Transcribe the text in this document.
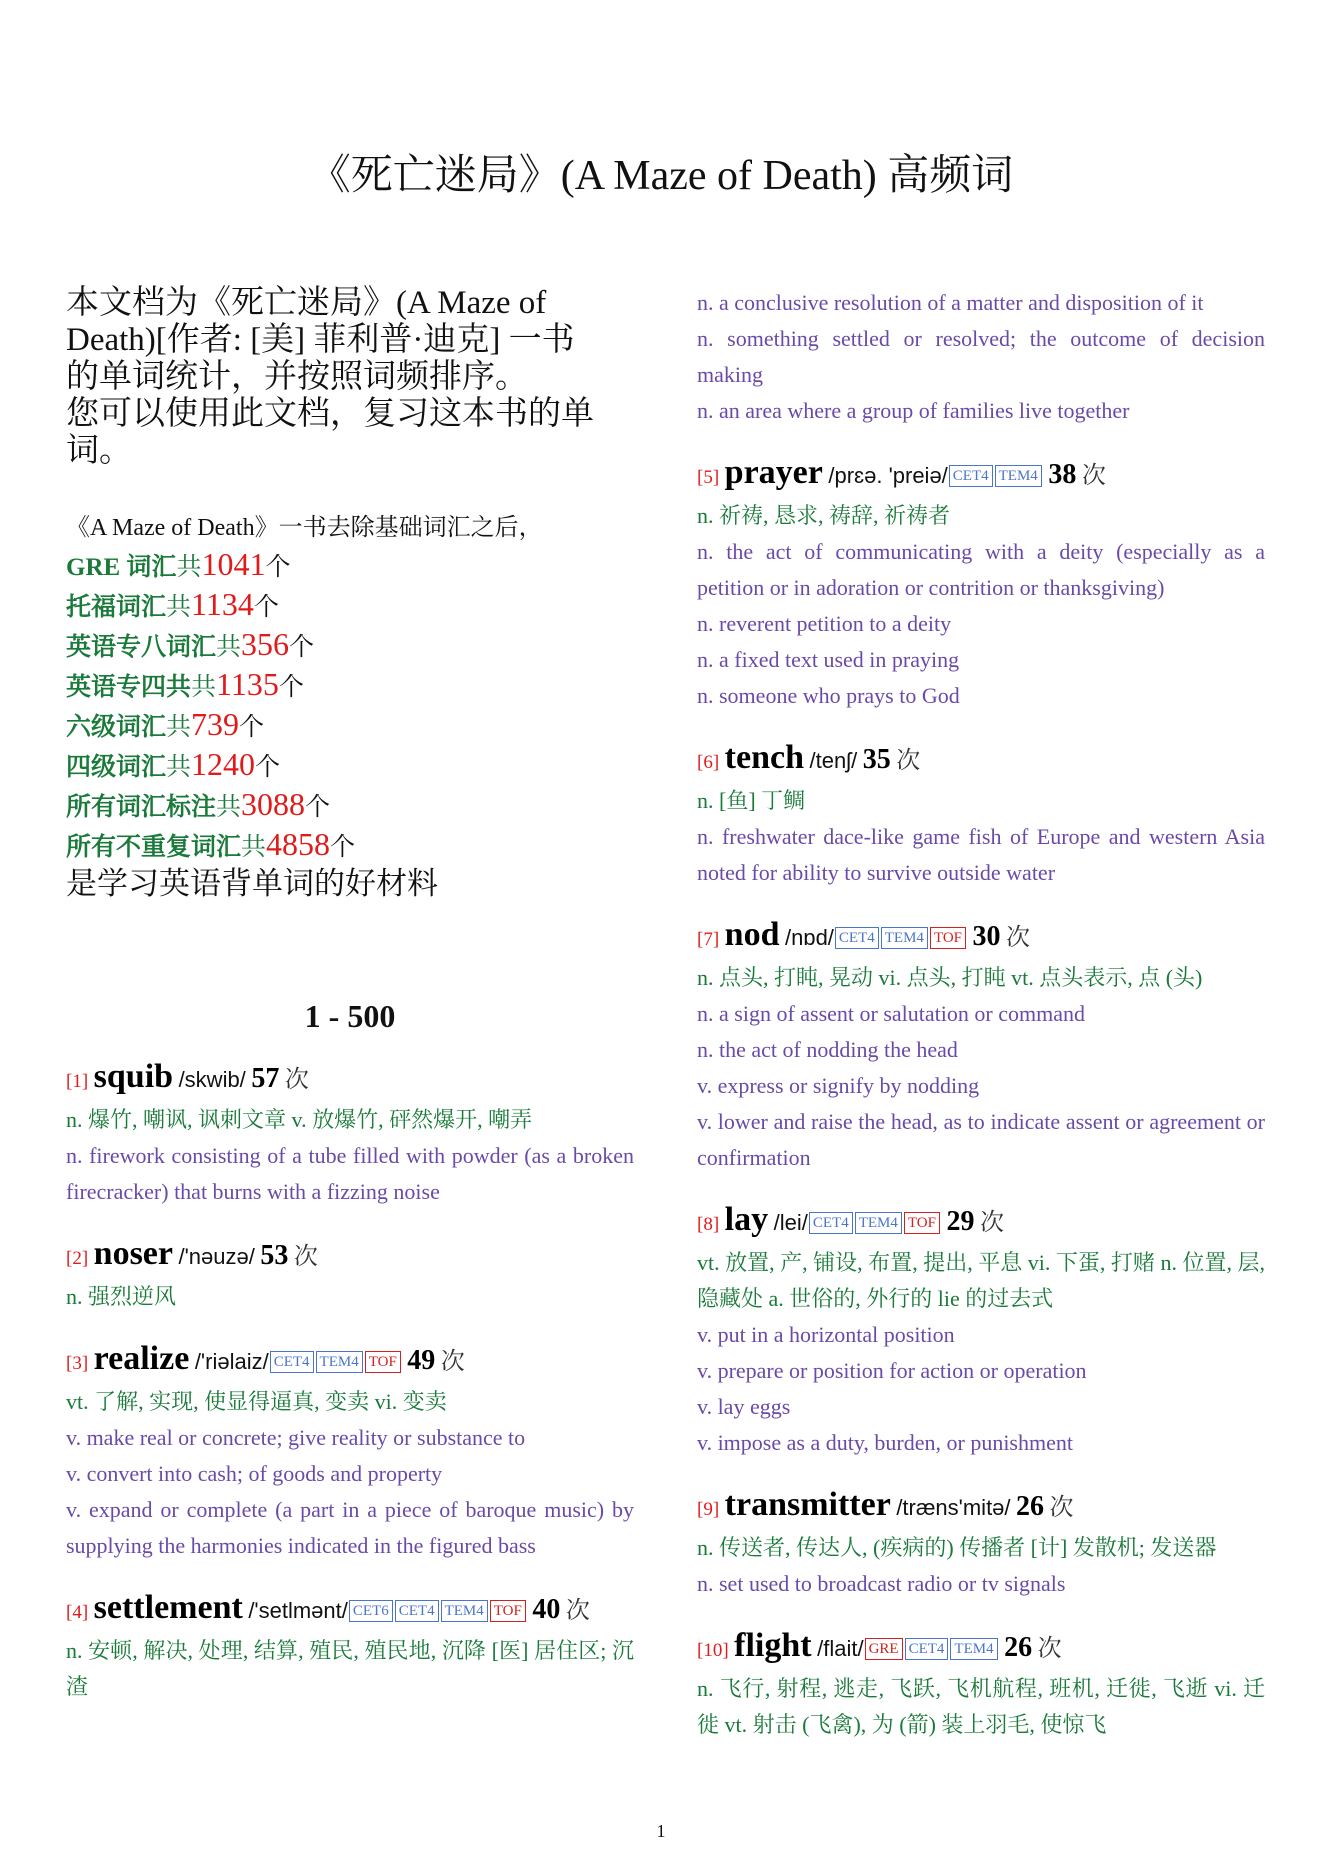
《死亡迷局》(A Maze of Death) 高频词

本文档为《死亡迷局》(A Maze of
Death)[作者: [美] 菲利普·迪克] 一书
的单词统计，并按照词频排序。
您可以使用此文档，复习这本书的单
词。

《A Maze of Death》一书去除基础词汇之后，
GRE 词汇共1041个
托福词汇共1134个
英语专八词汇共356个
英语专四共共1135个
六级词汇共739个
四级词汇共1240个
所有词汇标注共3088个
所有不重复词汇共4858个
是学习英语背单词的好材料
1 - 500
[1] squib /skwib/ 57 次

n. 爆竹, 嘲讽, 讽刺文章 v. 放爆竹, 砰然爆开, 嘲弄

n. firework consisting of a tube filled with powder (as a broken firecracker) that burns with a fizzing noise

[2] noser /'nəuzə/ 53 次

n. 强烈逆风

[3] realize /'riəlaiz/ CET4 TEM4 TOF 49 次

vt. 了解, 实现, 使显得逼真, 变卖 vi. 变卖

v. make real or concrete; give reality or substance to

v. convert into cash; of goods and property

v. expand or complete (a part in a piece of baroque music) by supplying the harmonies indicated in the figured bass

[4] settlement /'setlmənt/ CET6 CET4 TEM4 TOF 40 次

n. 安顿, 解决, 处理, 结算, 殖民, 殖民地, 沉降 [医] 居住区; 沉渣

n. a conclusive resolution of a matter and disposition of it

n. something settled or resolved; the outcome of decision making

n. an area where a group of families live together

[5] prayer /prɛə. 'preiə/ CET4 TEM4 38 次

n. 祈祷, 恳求, 祷辞, 祈祷者

n. the act of communicating with a deity (especially as a petition or in adoration or contrition or thanksgiving)

n. reverent petition to a deity

n. a fixed text used in praying

n. someone who prays to God

[6] tench /tenʃ/ 35 次

n. [鱼] 丁鲷

n. freshwater dace-like game fish of Europe and western Asia noted for ability to survive outside water

[7] nod /nɒd/ CET4 TEM4 TOF 30 次

n. 点头, 打盹, 晃动 vi. 点头, 打盹 vt. 点头表示, 点 (头)

n. a sign of assent or salutation or command

n. the act of nodding the head

v. express or signify by nodding

v. lower and raise the head, as to indicate assent or agreement or confirmation

[8] lay /lei/ CET4 TEM4 TOF 29 次

vt. 放置, 产, 铺设, 布置, 提出, 平息 vi. 下蛋, 打赌 n. 位置, 层, 隐藏处 a. 世俗的, 外行的 lie 的过去式

v. put in a horizontal position

v. prepare or position for action or operation

v. lay eggs

v. impose as a duty, burden, or punishment

[9] transmitter /træns'mitə/ 26 次

n. 传送者, 传达人, (疾病的) 传播者 [计] 发散机; 发送器

n. set used to broadcast radio or tv signals

[10] flight /flait/ GRE CET4 TEM4 26 次

n. 飞行, 射程, 逃走, 飞跃, 飞机航程, 班机, 迁徙, 飞逝 vi. 迁徙 vt. 射击 (飞禽), 为 (箭) 装上羽毛, 使惊飞

1
